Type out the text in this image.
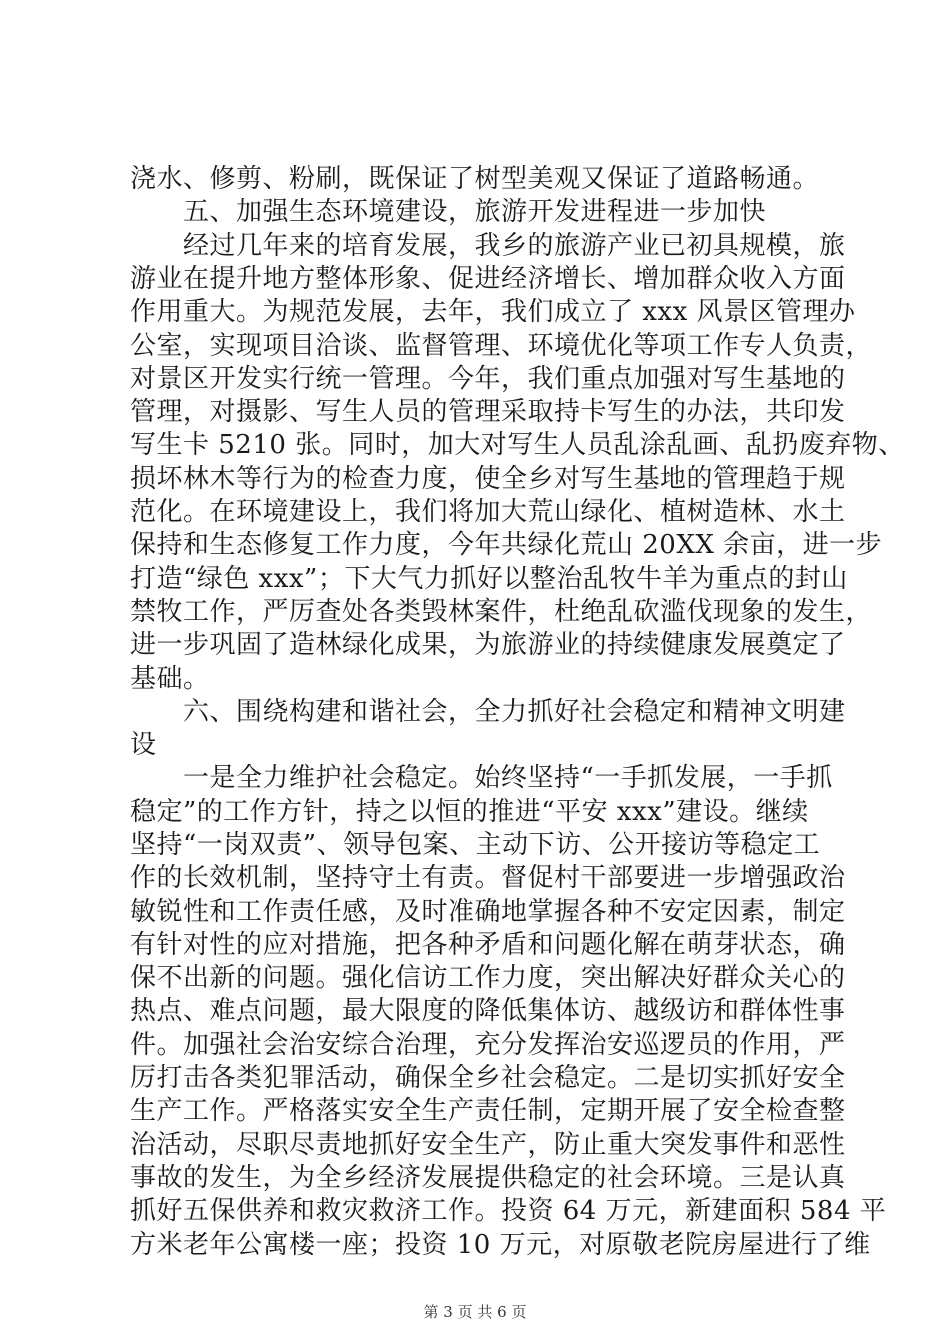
浇水、修剪、粉刷，既保证了树型美观又保证了道路畅通。
五、加强生态环境建设，旅游开发进程进一步加快
经过几年来的培育发展，我乡的旅游产业已初具规模，旅
游业在提升地方整体形象、促进经济增长、增加群众收入方面
作用重大。为规范发展，去年，我们成立了 xxx 风景区管理办
公室，实现项目洽谈、监督管理、环境优化等项工作专人负责，
对景区开发实行统一管理。今年，我们重点加强对写生基地的
管理，对摄影、写生人员的管理采取持卡写生的办法，共印发
写生卡 5210 张。同时，加大对写生人员乱涂乱画、乱扔废弃物、
损坏林木等行为的检查力度，使全乡对写生基地的管理趋于规
范化。在环境建设上，我们将加大荒山绿化、植树造林、水土
保持和生态修复工作力度，今年共绿化荒山 20XX 余亩，进一步
打造“绿色 xxx”；下大气力抓好以整治乱牧牛羊为重点的封山
禁牧工作，严厉查处各类毁林案件，杜绝乱砍滥伐现象的发生，
进一步巩固了造林绿化成果，为旅游业的持续健康发展奠定了
基础。
六、围绕构建和谐社会，全力抓好社会稳定和精神文明建
设
一是全力维护社会稳定。始终坚持“一手抓发展，一手抓
稳定”的工作方针，持之以恒的推进“平安 xxx”建设。继续
坚持“一岗双责”、领导包案、主动下访、公开接访等稳定工
作的长效机制，坚持守土有责。督促村干部要进一步增强政治
敏锐性和工作责任感，及时准确地掌握各种不安定因素，制定
有针对性的应对措施，把各种矛盾和问题化解在萌芽状态，确
保不出新的问题。强化信访工作力度，突出解决好群众关心的
热点、难点问题，最大限度的降低集体访、越级访和群体性事
件。加强社会治安综合治理，充分发挥治安巡逻员的作用，严
厉打击各类犯罪活动，确保全乡社会稳定。二是切实抓好安全
生产工作。严格落实安全生产责任制，定期开展了安全检查整
治活动，尽职尽责地抓好安全生产，防止重大突发事件和恶性
事故的发生，为全乡经济发展提供稳定的社会环境。三是认真
抓好五保供养和救灾救济工作。投资 64 万元，新建面积 584 平
方米老年公寓楼一座；投资 10 万元，对原敬老院房屋进行了维
第 3 页 共 6 页
